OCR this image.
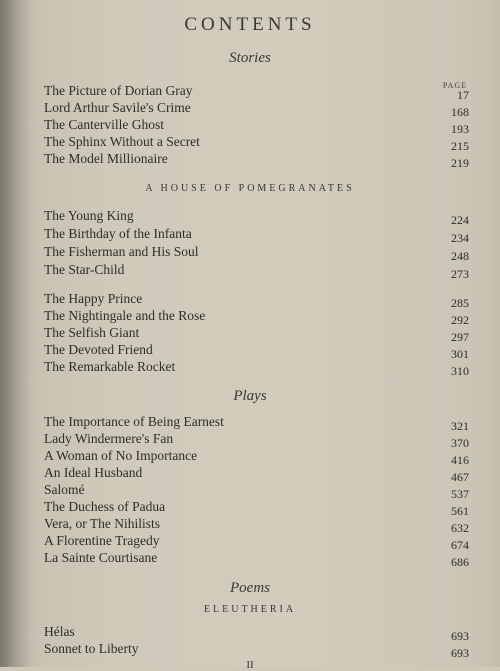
CONTENTS
Stories
PAGE
The Picture of Dorian Gray	17
Lord Arthur Savile's Crime	168
The Canterville Ghost	193
The Sphinx Without a Secret	215
The Model Millionaire	219
A HOUSE OF POMEGRANATES
The Young King	224
The Birthday of the Infanta	234
The Fisherman and His Soul	248
The Star-Child	273
The Happy Prince	285
The Nightingale and the Rose	292
The Selfish Giant	297
The Devoted Friend	301
The Remarkable Rocket	310
Plays
The Importance of Being Earnest	321
Lady Windermere's Fan	370
A Woman of No Importance	416
An Ideal Husband	467
Salomé	537
The Duchess of Padua	561
Vera, or The Nihilists	632
A Florentine Tragedy	674
La Sainte Courtisane	686
Poems
ELEUTHERIA
Hélas	693
Sonnet to Liberty	693
II
